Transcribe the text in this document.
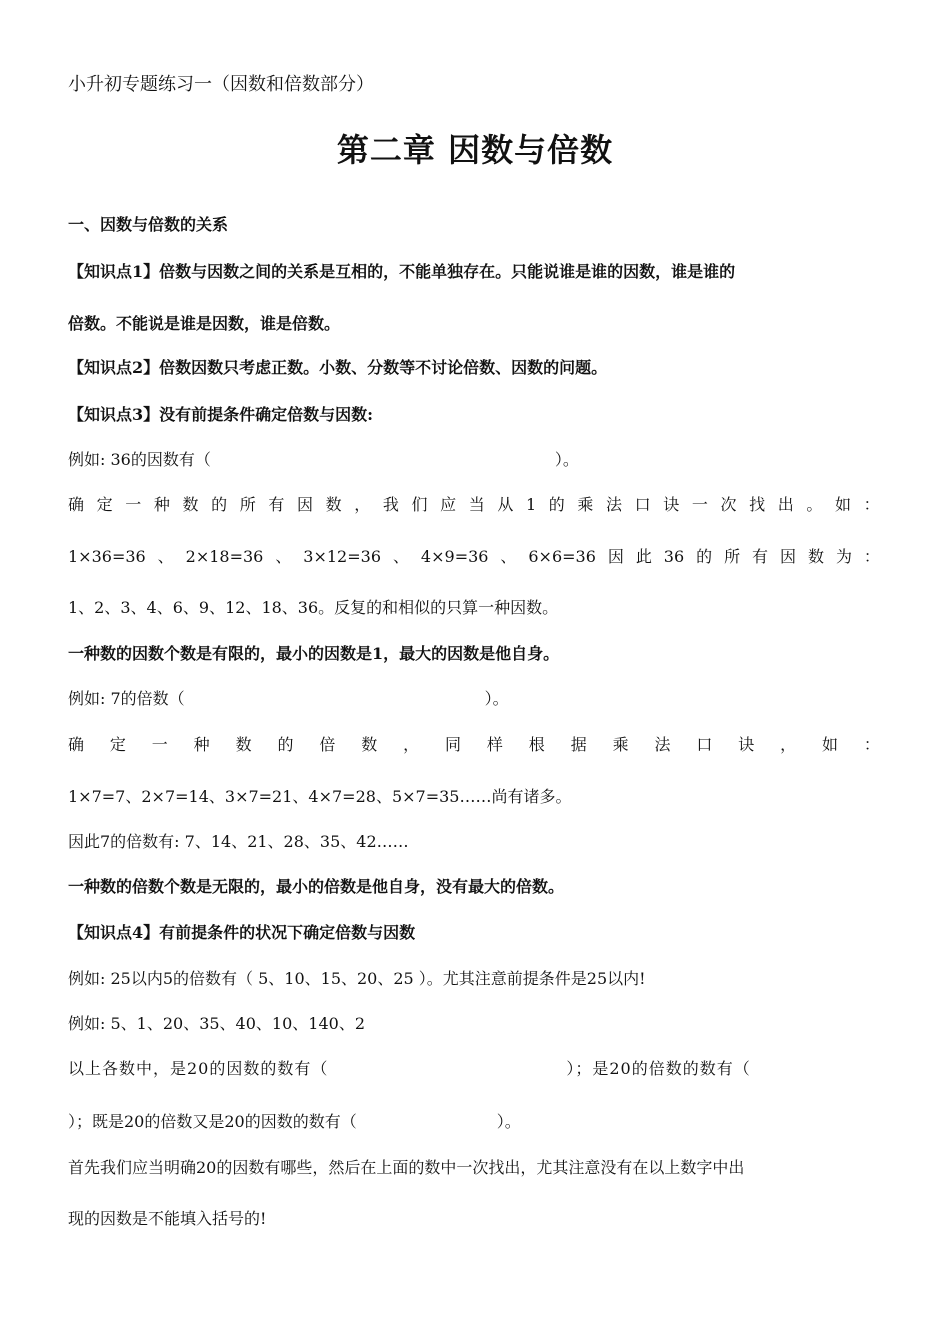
小升初专题练习一（因数和倍数部分）
第二章 因数与倍数
一、因数与倍数的关系
【知识点1】倍数与因数之间的关系是互相的，不能单独存在。只能说谁是谁的因数，谁是谁的
倍数。不能说是谁是因数，谁是倍数。
【知识点2】倍数因数只考虑正数。小数、分数等不讨论倍数、因数的问题。
【知识点3】没有前提条件确定倍数与因数:
例如: 36的因数有（	）。
确 定 一 种 数 的 所 有 因 数 ， 我 们 应 当 从 1 的 乘 法 口 诀 一 次 找 出 。 如 ：
1×36=36 、 2×18=36 、 3×12=36 、 4×9=36 、 6×6=36 因 此 36 的 所 有 因 数 为 ：
1、2、3、4、6、9、12、18、36。反复的和相似的只算一种因数。
一种数的因数个数是有限的，最小的因数是1，最大的因数是他自身。
例如: 7的倍数（	）。
确 定 一 种 数 的 倍 数 ， 同 样 根 据 乘 法 口 诀 ， 如 ：
1×7=7、2×7=14、3×7=21、4×7=28、5×7=35……尚有诸多。
因此7的倍数有: 7、14、21、28、35、42……
一种数的倍数个数是无限的，最小的倍数是他自身，没有最大的倍数。
【知识点4】有前提条件的状况下确定倍数与因数
例如: 25以内5的倍数有（ 5、10、15、20、25 ）。尤其注意前提条件是25以内!
例如: 5、1、20、35、40、10、140、2
以上各数中，是20的因数的数有（	）；是20的倍数的数有（
）；既是20的倍数又是20的因数的数有（	）。
首先我们应当明确20的因数有哪些，然后在上面的数中一次找出，尤其注意没有在以上数字中出
现的因数是不能填入括号的!
